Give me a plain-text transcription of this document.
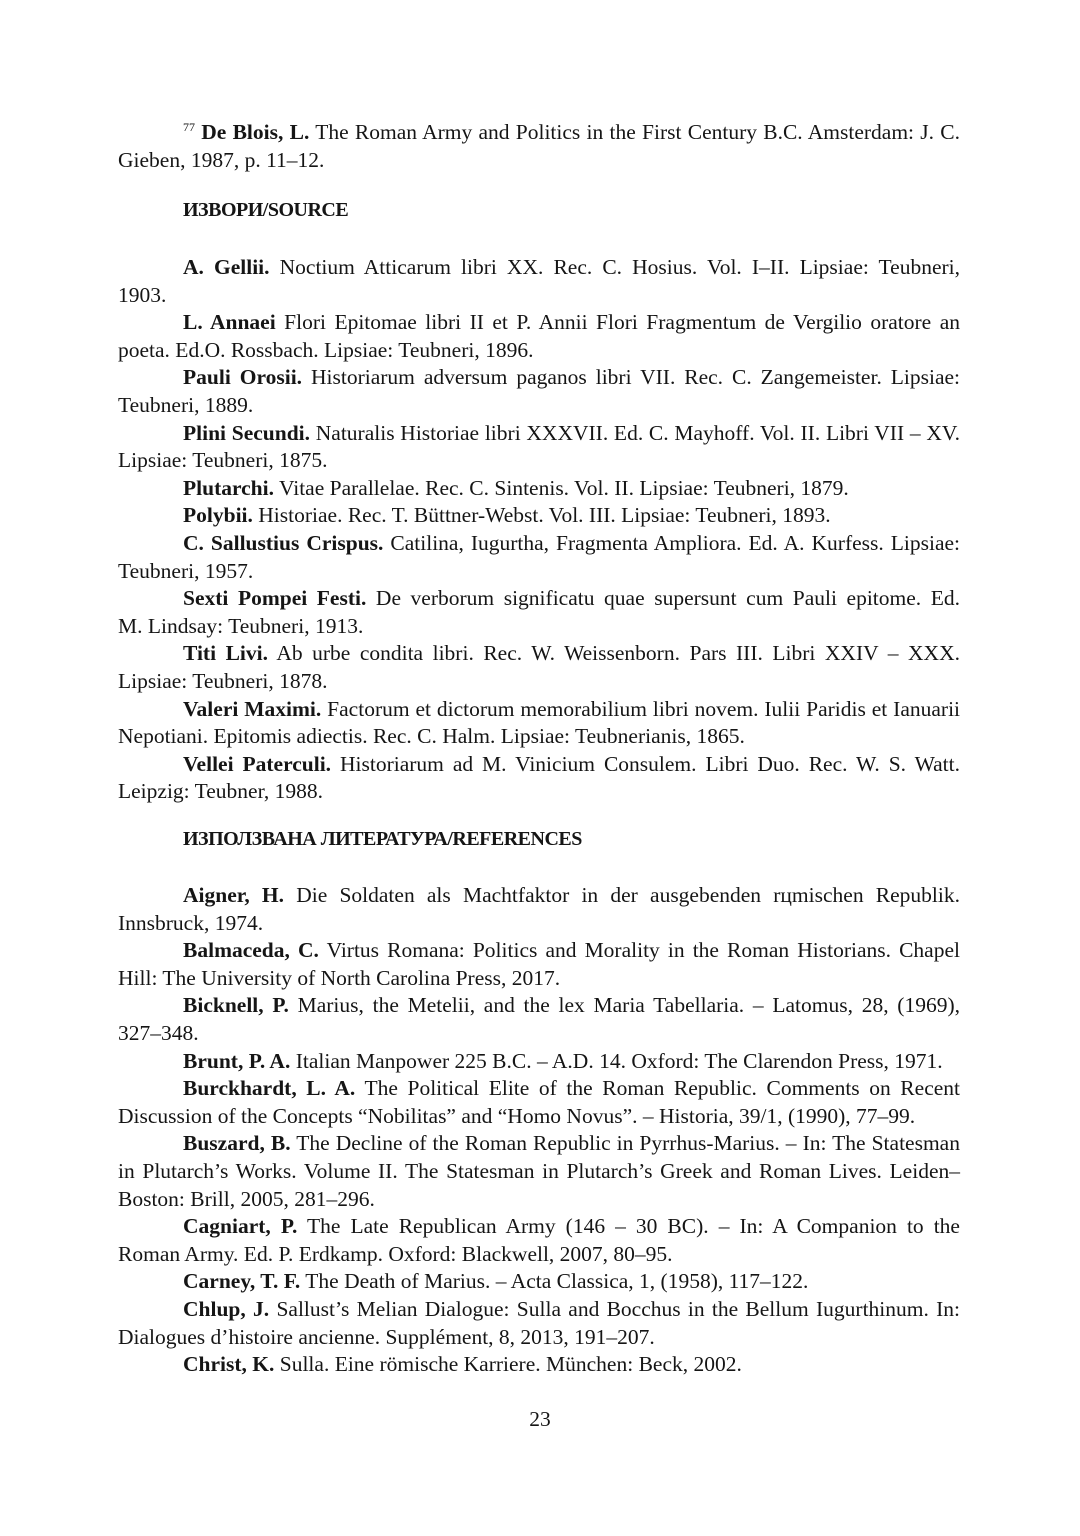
$^{77}$ De Blois, L. The Roman Army and Politics in the First Century B.C. Amsterdam: J. C.
Gieben, 1987, p. 11–12.
ИЗВОРИ/SOURCE
A. Gellii. Noctium Atticarum libri XX. Rec. C. Hosius. Vol. I–II. Lipsiae: Teubneri,
1903.
L. Annaei Flori Epitomae libri II et P. Annii Flori Fragmentum de Vergilio oratore an
poeta. Ed.O. Rossbach. Lipsiae: Teubneri, 1896.
Pauli Orosii. Historiarum adversum paganos libri VII. Rec. C. Zangemeister. Lipsiae:
Teubneri, 1889.
Plini Secundi. Naturalis Historiae libri XXXVII. Ed. C. Mayhoff. Vol. II. Libri VII – XV.
Lipsiae: Teubneri, 1875.
Plutarchi. Vitae Parallelae. Rec. C. Sintenis. Vol. II. Lipsiae: Teubneri, 1879.
Polybii. Historiae. Rec. T. Büttner-Webst. Vol. III. Lipsiae: Teubneri, 1893.
C. Sallustius Crispus. Catilina, Iugurtha, Fragmenta Ampliora. Ed. A. Kurfess. Lipsiae:
Teubneri, 1957.
Sexti Pompei Festi. De verborum significatu quae supersunt cum Pauli epitome. Ed.
M. Lindsay: Teubneri, 1913.
Titi Livi. Ab urbe condita libri. Rec. W. Weissenborn. Pars III. Libri XXIV – XXX.
Lipsiae: Teubneri, 1878.
Valeri Maximi. Factorum et dictorum memorabilium libri novem. Iulii Paridis et Ianuarii
Nepotiani. Epitomis adiectis. Rec. C. Halm. Lipsiae: Teubnerianis, 1865.
Vellei Paterculi. Historiarum ad M. Vinicium Consulem. Libri Duo. Rec. W. S. Watt.
Leipzig: Teubner, 1988.
ИЗПОЛЗВАНА ЛИТЕРАТУРА/REFERENCES
Aigner, H. Die Soldaten als Machtfaktor in der ausgebenden rцmischen Republik.
Innsbruck, 1974.
Balmaceda, C. Virtus Romana: Politics and Morality in the Roman Historians. Chapel
Hill: The University of North Carolina Press, 2017.
Bicknell, P. Marius, the Metelii, and the lex Maria Tabellaria. – Latomus, 28, (1969),
327–348.
Brunt, P. A. Italian Manpower 225 B.C. – A.D. 14. Oxford: The Clarendon Press, 1971.
Burckhardt, L. A. The Political Elite of the Roman Republic. Comments on Recent
Discussion of the Concepts “Nobilitas” and “Homo Novus”. – Historia, 39/1, (1990), 77–99.
Buszard, B. The Decline of the Roman Republic in Pyrrhus-Marius. – In: The Statesman
in Plutarch’s Works. Volume II. The Statesman in Plutarch’s Greek and Roman Lives. Leiden–
Boston: Brill, 2005, 281–296.
Cagniart, P. The Late Republican Army (146 – 30 BC). – In: A Companion to the
Roman Army. Ed. P. Erdkamp. Oxford: Blackwell, 2007, 80–95.
Carney, T. F. The Death of Marius. – Acta Classica, 1, (1958), 117–122.
Chlup, J. Sallust’s Melian Dialogue: Sulla and Bocchus in the Bellum Iugurthinum. In:
Dialogues d’histoire ancienne. Supplément, 8, 2013, 191–207.
Christ, K. Sulla. Eine römische Karriere. München: Beck, 2002.
23
